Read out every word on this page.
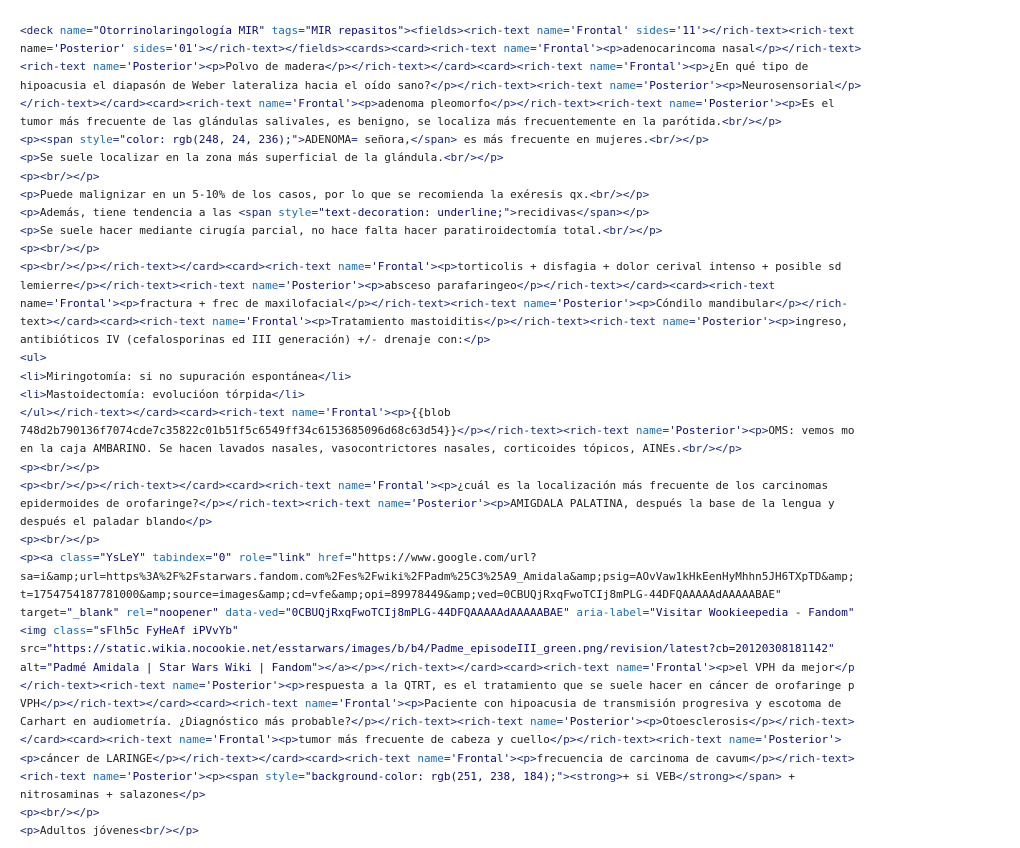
<deck name="Otorrinolaringología MIR" tags="MIR repasitos"><fields><rich-text name='Frontal' sides='11'></rich-text><rich-text
name='Posterior' sides='01'></rich-text></fields><cards><card><rich-text name='Frontal'><p>adenocarincoma nasal</p></rich-text>
<rich-text name='Posterior'><p>Polvo de madera</p></rich-text></card><card><rich-text name='Frontal'><p>¿En qué tipo de
hipoacusia el diapasón de Weber lateraliza hacia el oído sano?</p></rich-text><rich-text name='Posterior'><p>Neurosensorial</p>
</rich-text></card><card><rich-text name='Frontal'><p>adenoma pleomorfo</p></rich-text><rich-text name='Posterior'><p>Es el
tumor más frecuente de las glándulas salivales, es benigno, se localiza más frecuentemente en la parótida.<br/></p>
<p><span style="color: rgb(248, 24, 236);">ADENOMA= señora,</span> es más frecuente en mujeres.<br/></p>
<p>Se suele localizar en la zona más superficial de la glándula.<br/></p>
<p><br/></p>
<p>Puede malignizar en un 5-10% de los casos, por lo que se recomienda la exéresis qx.<br/></p>
<p>Además, tiene tendencia a las <span style="text-decoration: underline;">recidivas</span></p>
<p>Se suele hacer mediante cirugía parcial, no hace falta hacer paratiroidectomía total.<br/></p>
<p><br/></p>
<p><br/></p></rich-text></card><card><rich-text name='Frontal'><p>torticolis + disfagia + dolor cerival intenso + posible sd
lemierre</p></rich-text><rich-text name='Posterior'><p>absceso parafaringeo</p></rich-text></card><card><rich-text
name='Frontal'><p>fractura + frec de maxilofacial</p></rich-text><rich-text name='Posterior'><p>Cóndilo mandibular</p></rich-
text></card><card><rich-text name='Frontal'><p>Tratamiento mastoiditis</p></rich-text><rich-text name='Posterior'><p>ingreso,
antibióticos IV (cefalosporinas ed III generación) +/- drenaje con:</p>
<ul>
<li>Miringotomía: si no supuración espontánea</li>
<li>Mastoidectomía: evolucióon tórpida</li>
</ul></rich-text></card><card><rich-text name='Frontal'><p>{{blob
748d2b790136f7074cde7c35822c01b51f5c6549ff34c6153685096d68c63d54}}</p></rich-text><rich-text name='Posterior'><p>OMS: vemos mo
en la caja AMBARINO. Se hacen lavados nasales, vasocontrictores nasales, corticoides tópicos, AINEs.<br/></p>
<p><br/></p>
<p><br/></p></rich-text></card><card><rich-text name='Frontal'><p>¿cuál es la localización más frecuente de los carcinomas
epidermoides de orofaringe?</p></rich-text><rich-text name='Posterior'><p>AMIGDALA PALATINA, después la base de la lengua y
después el paladar blando</p>
<p><br/></p>
<p><a class="YsLeY" tabindex="0" role="link" href="https://www.google.com/url?
sa=i&amp;url=https%3A%2F%2Fstarwars.fandom.com%2Fes%2Fwiki%2FPadm%25C3%25A9_Amidala&amp;psig=AOvVaw1kHkEenHyMhhn5JH6TXpTD&amp;
t=1754754187781000&amp;source=images&amp;cd=vfe&amp;opi=89978449&amp;ved=0CBUQjRxqFwoTCIj8mPLG-44DFQAAAAAdAAAAABAE"
target="_blank" rel="noopener" data-ved="0CBUQjRxqFwoTCIj8mPLG-44DFQAAAAAdAAAAABAE" aria-label="Visitar Wookieepedia - Fandom"
<img class="sFlh5c FyHeAf iPVvYb"
src="https://static.wikia.nocookie.net/esstarwars/images/b/b4/Padme_episodeIII_green.png/revision/latest?cb=20120308181142"
alt="Padmé Amidala | Star Wars Wiki | Fandom"></a></p></rich-text></card><card><rich-text name='Frontal'><p>el VPH da mejor</p
</rich-text><rich-text name='Posterior'><p>respuesta a la QTRT, es el tratamiento que se suele hacer en cáncer de orofaringe p
VPH</p></rich-text></card><card><rich-text name='Frontal'><p>Paciente con hipoacusia de transmisión progresiva y escotoma de
Carhart en audiometría. ¿Diagnóstico más probable?</p></rich-text><rich-text name='Posterior'><p>Otoesclerosis</p></rich-text>
</card><card><rich-text name='Frontal'><p>tumor más frecuente de cabeza y cuello</p></rich-text><rich-text name='Posterior'>
<p>cáncer de LARINGE</p></rich-text></card><card><rich-text name='Frontal'><p>frecuencia de carcinoma de cavum</p></rich-text>
<rich-text name='Posterior'><p><span style="background-color: rgb(251, 238, 184);"><strong>+ si VEB</strong></span> +
nitrosaminas + salazones</p>
<p><br/></p>
<p>Adultos jóvenes<br/></p>
